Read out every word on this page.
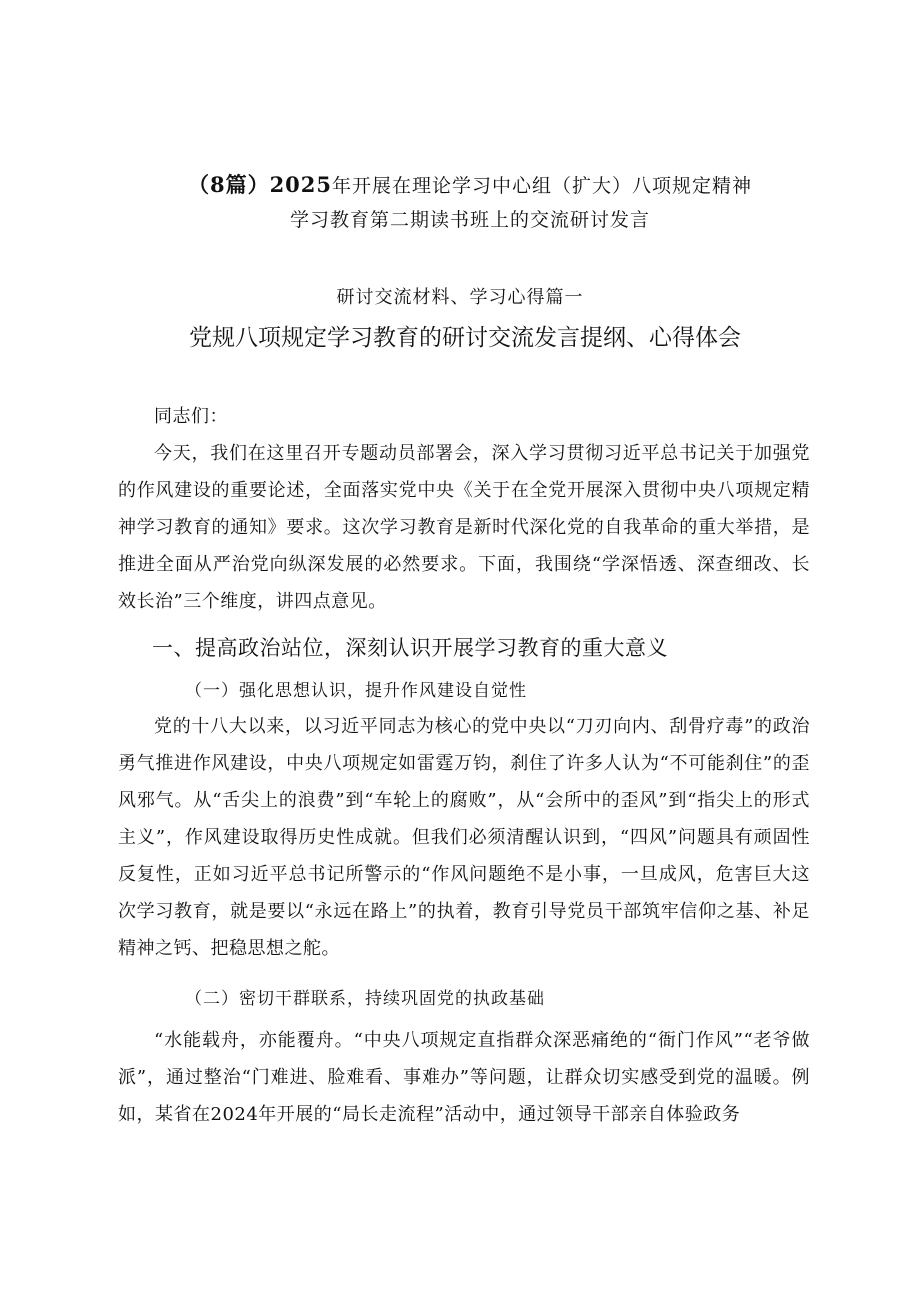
（8篇）2025年开展在理论学习中心组（扩大）八项规定精神
学习教育第二期读书班上的交流研讨发言
研讨交流材料、学习心得篇一
党规八项规定学习教育的研讨交流发言提纲、心得体会

同志们：

今天，我们在这里召开专题动员部署会，深入学习贯彻习近平总书记关于加强党的作风建设的重要论述，全面落实党中央《关于在全党开展深入贯彻中央八项规定精神学习教育的通知》要求。这次学习教育是新时代深化党的自我革命的重大举措，是推进全面从严治党向纵深发展的必然要求。下面，我围绕“学深悟透、深查细改、长效长治”三个维度，讲四点意见。

一、提高政治站位，深刻认识开展学习教育的重大意义
（一）强化思想认识，提升作风建设自觉性

党的十八大以来，以习近平同志为核心的党中央以“刀刃向内、刮骨疗毒”的政治勇气推进作风建设，中央八项规定如雷霆万钧，刹住了许多人认为“不可能刹住”的歪风邪气。从“舌尖上的浪费”到“车轮上的腐败”，从“会所中的歪风”到“指尖上的形式主义”，作风建设取得历史性成就。但我们必须清醒认识到，“四风”问题具有顽固性反复性，正如习近平总书记所警示的“作风问题绝不是小事，一旦成风，危害巨大这次学习教育，就是要以“永远在路上”的执着，教育引导党员干部筑牢信仰之基、补足精神之钙、把稳思想之舵。

（二）密切干群联系，持续巩固党的执政基础

“水能载舟，亦能覆舟。“中央八项规定直指群众深恶痛绝的“衙门作风”“老爷做派”，通过整治“门难进、脸难看、事难办”等问题，让群众切实感受到党的温暖。例如，某省在2024年开展的“局长走流程”活动中，通过领导干部亲自体验政务
